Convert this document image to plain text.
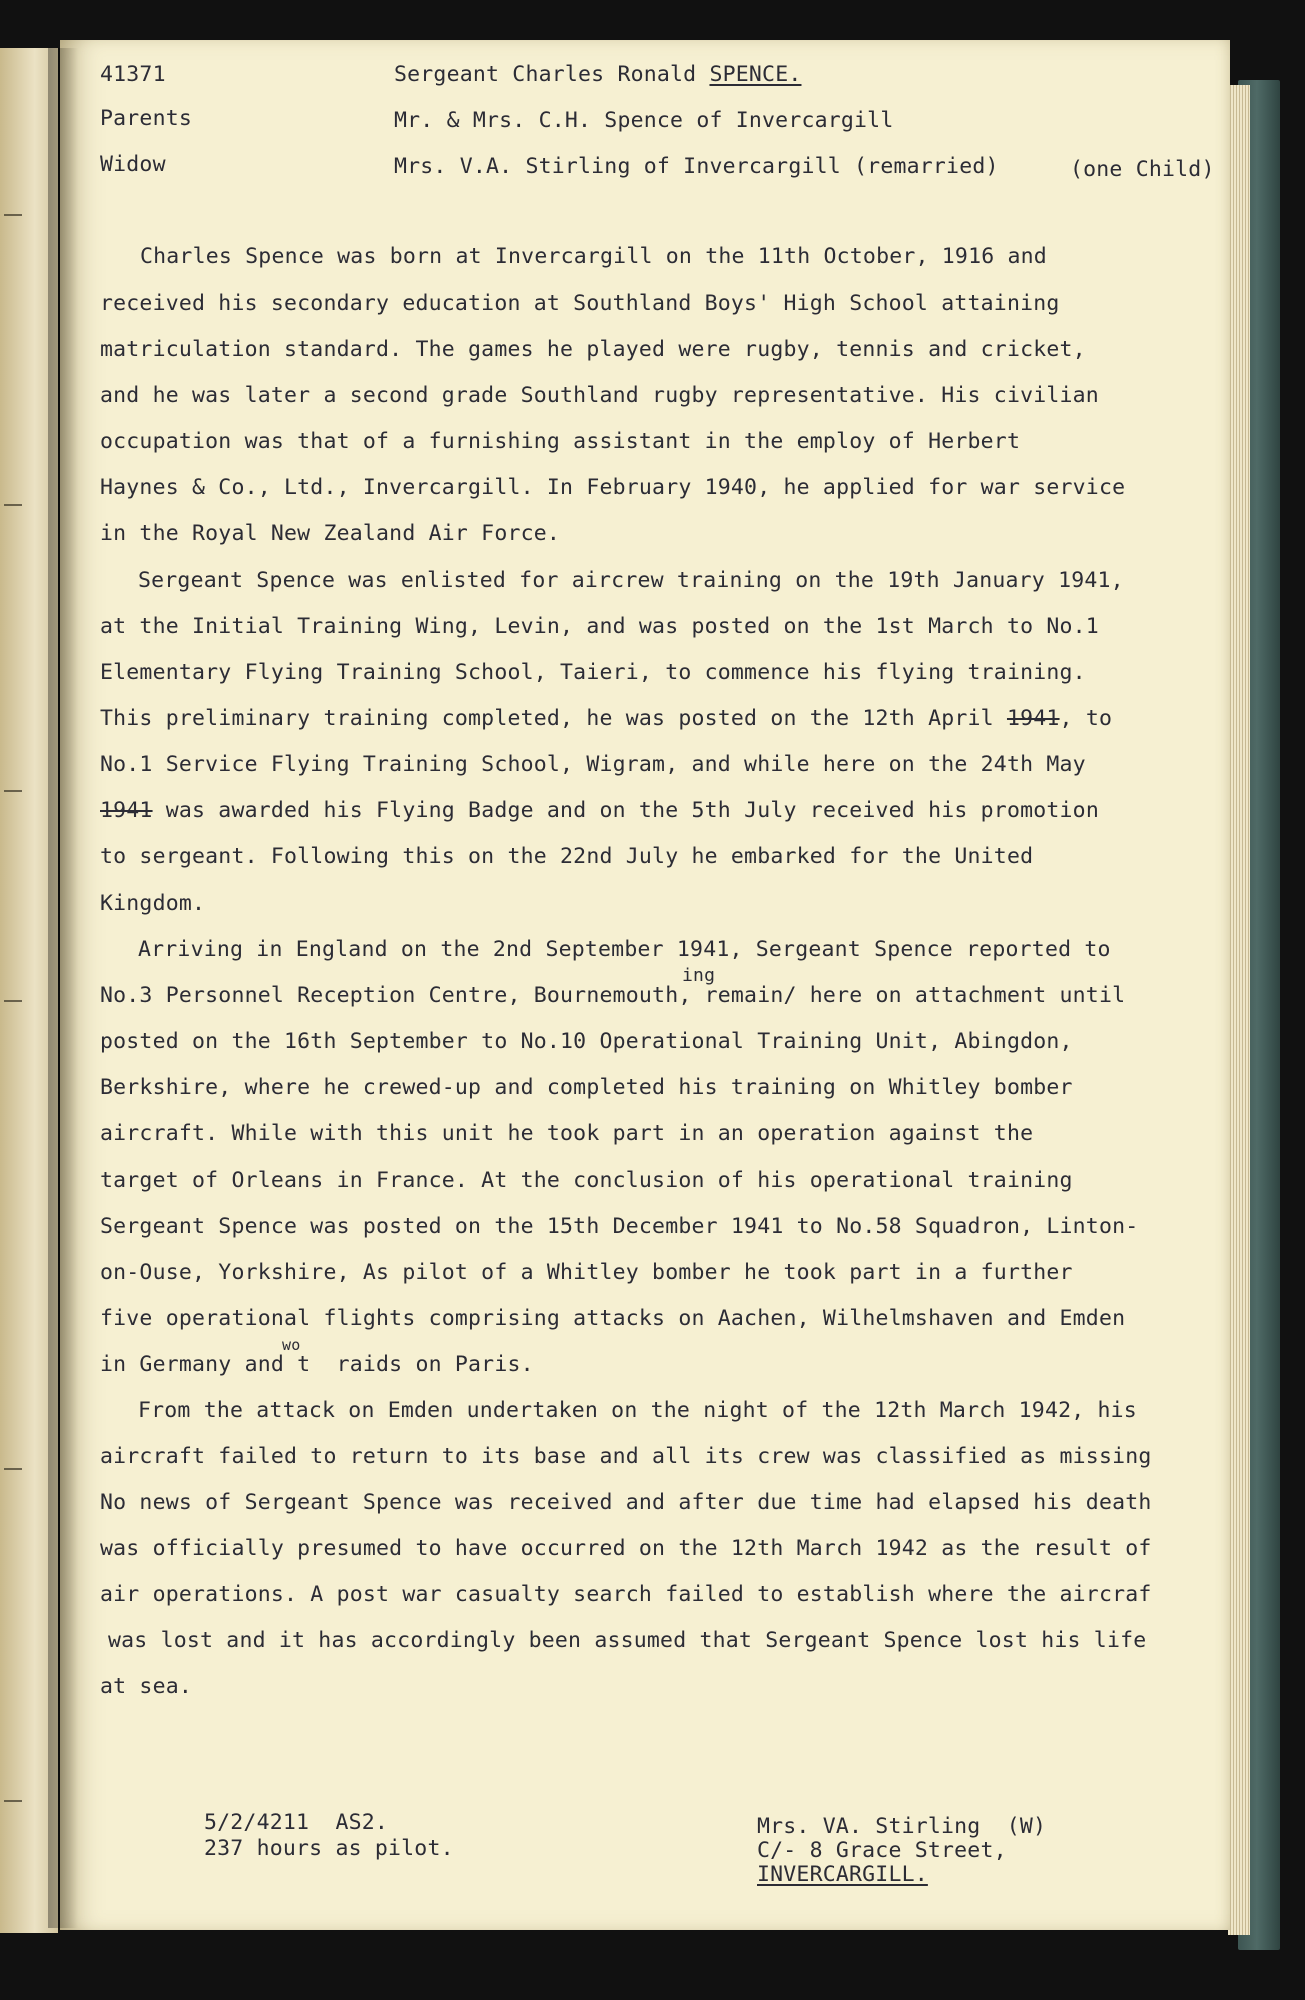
41371	Sergeant Charles Ronald SPENCE.
Parents	Mr. & Mrs. C.H. Spence of Invercargill
Widow	Mrs. V.A. Stirling of Invercargill (remarried)	(one Child)
Charles Spence was born at Invercargill on the 11th October, 1916 and
received his secondary education at Southland Boys' High School attaining
matriculation standard. The games he played were rugby, tennis and cricket,
and he was later a second grade Southland rugby representative. His civilian
occupation was that of a furnishing assistant in the employ of Herbert
Haynes & Co., Ltd., Invercargill. In February 1940, he applied for war service
in the Royal New Zealand Air Force.
Sergeant Spence was enlisted for aircrew training on the 19th January 1941,
at the Initial Training Wing, Levin, and was posted on the 1st March to No.1
Elementary Flying Training School, Taieri, to commence his flying training.
This preliminary training completed, he was posted on the 12th April 1941, to
No.1 Service Flying Training School, Wigram, and while here on the 24th May
1941 was awarded his Flying Badge and on the 5th July received his promotion
to sergeant. Following this on the 22nd July he embarked for the United
Kingdom.
Arriving in England on the 2nd September 1941, Sergeant Spence reported to
ing
No.3 Personnel Reception Centre, Bournemouth, remain/ here on attachment until
posted on the 16th September to No.10 Operational Training Unit, Abingdon,
Berkshire, where he crewed-up and completed his training on Whitley bomber
aircraft. While with this unit he took part in an operation against the
target of Orleans in France. At the conclusion of his operational training
Sergeant Spence was posted on the 15th December 1941 to No.58 Squadron, Linton-
on-Ouse, Yorkshire, As pilot of a Whitley bomber he took part in a further
five operational flights comprising attacks on Aachen, Wilhelmshaven and Emden
wo
in Germany and t  raids on Paris.
From the attack on Emden undertaken on the night of the 12th March 1942, his
aircraft failed to return to its base and all its crew was classified as missing
No news of Sergeant Spence was received and after due time had elapsed his death
was officially presumed to have occurred on the 12th March 1942 as the result of
air operations. A post war casualty search failed to establish where the aircraf
was lost and it has accordingly been assumed that Sergeant Spence lost his life
at sea.
5/2/4211  AS2.
237 hours as pilot.
Mrs. VA. Stirling  (W)
C/- 8 Grace Street,
INVERCARGILL.
